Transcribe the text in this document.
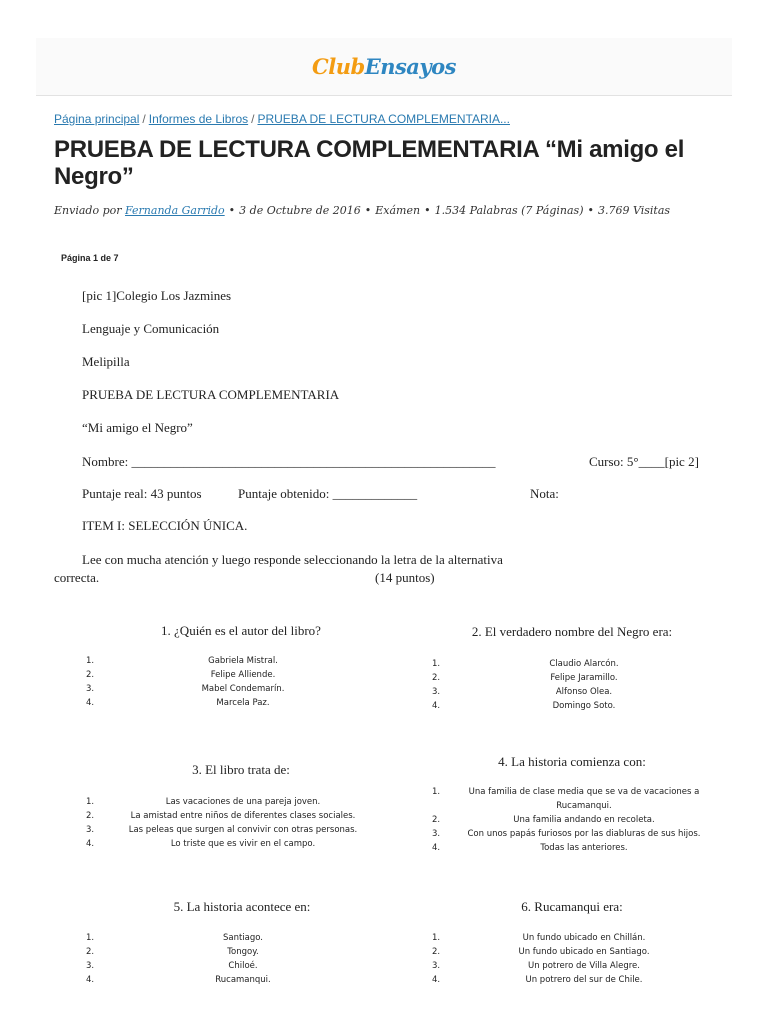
ClubEnsayos
Página principal / Informes de Libros / PRUEBA DE LECTURA COMPLEMENTARIA...
PRUEBA DE LECTURA COMPLEMENTARIA “Mi amigo el Negro”
Enviado por Fernanda Garrido • 3 de Octubre de 2016 • Exámen • 1.534 Palabras (7 Páginas) • 3.769 Visitas
Página 1 de 7
[pic 1]Colegio Los Jazmines
Lenguaje y Comunicación
Melipilla
PRUEBA DE LECTURA COMPLEMENTARIA
“Mi amigo el Negro”
Nombre: ________________________________________________________	Curso: 5°____[pic 2]
Puntaje real: 43 puntos	Puntaje obtenido: _____________	Nota:
ITEM I: SELECCIÓN ÚNICA.
Lee con mucha atención y luego responde seleccionando la letra de la alternativa
correcta.	(14 puntos)
1. ¿Quién es el autor del libro?
1.	Gabriela Mistral.
2.	Felipe Alliende.
3.	Mabel Condemarín.
4.	Marcela Paz.
2. El verdadero nombre del Negro era:
1.	Claudio Alarcón.
2.	Felipe Jaramillo.
3.	Alfonso Olea.
4.	Domingo Soto.
3. El libro trata de:
1.	Las vacaciones de una pareja joven.
2.	La amistad entre niños de diferentes clases sociales.
3.	Las peleas que surgen al convivir con otras personas.
4.	Lo triste que es vivir en el campo.
4. La historia comienza con:
1.	Una familia de clase media que se va de vacaciones a Rucamanqui.
2.	Una familia andando en recoleta.
3.	Con unos papás furiosos por las diabluras de sus hijos.
4.	Todas las anteriores.
5. La historia acontece en:
1.	Santiago.
2.	Tongoy.
3.	Chiloé.
4.	Rucamanqui.
6. Rucamanqui era:
1.	Un fundo ubicado en Chillán.
2.	Un fundo ubicado en Santiago.
3.	Un potrero de Villa Alegre.
4.	Un potrero del sur de Chile.
